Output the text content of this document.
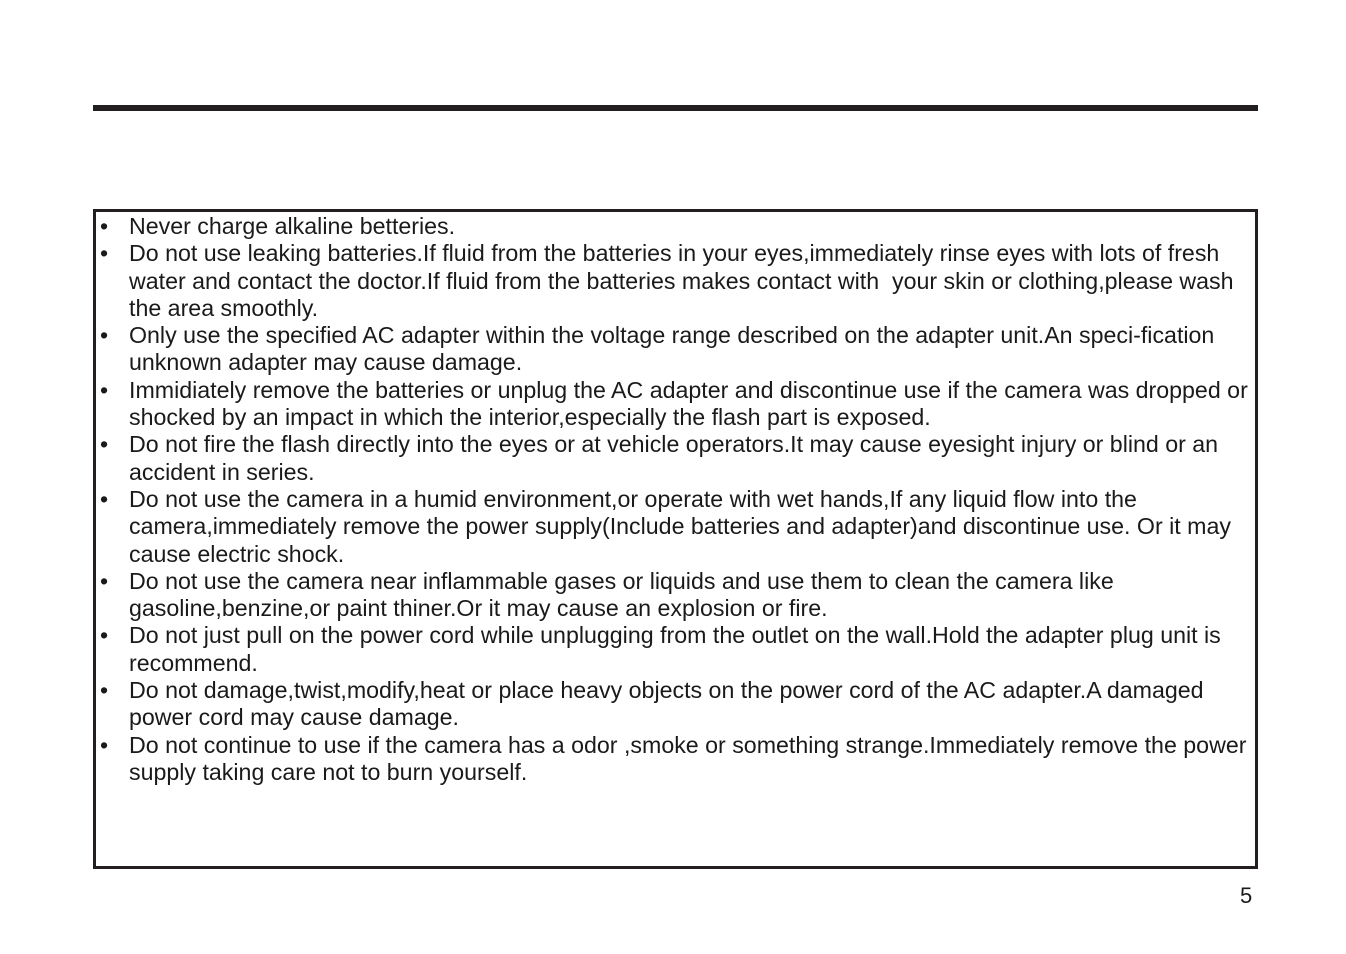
• Never charge alkaline betteries.
• Do not use leaking batteries.If fluid from the batteries in your eyes,immediately rinse eyes with lots of fresh water and contact the doctor.If fluid from the batteries makes contact with  your skin or clothing,please wash the area smoothly.
• Only use the specified AC adapter within the voltage range described on the adapter unit.An speci-fication unknown adapter may cause damage.
• Immidiately remove the batteries or unplug the AC adapter and discontinue use if the camera was dropped or shocked by an impact in which the interior,especially the flash part is exposed.
• Do not fire the flash directly into the eyes or at vehicle operators.It may cause eyesight injury or blind or an accident in series.
• Do not use the camera in a humid environment,or operate with wet hands,If any liquid flow into the camera,immediately remove the power supply(Include batteries and adapter)and discontinue use. Or it may cause electric shock.
• Do not use the camera near inflammable gases or liquids and use them to clean the camera like gasoline,benzine,or paint thiner.Or it may cause an explosion or fire.
• Do not just pull on the power cord while unplugging from the outlet on the wall.Hold the adapter plug unit is recommend.
• Do not damage,twist,modify,heat or place heavy objects on the power cord of the AC adapter.A damaged power cord may cause damage.
• Do not continue to use if the camera has a odor ,smoke or something strange.Immediately remove the power supply taking care not to burn yourself.
5
